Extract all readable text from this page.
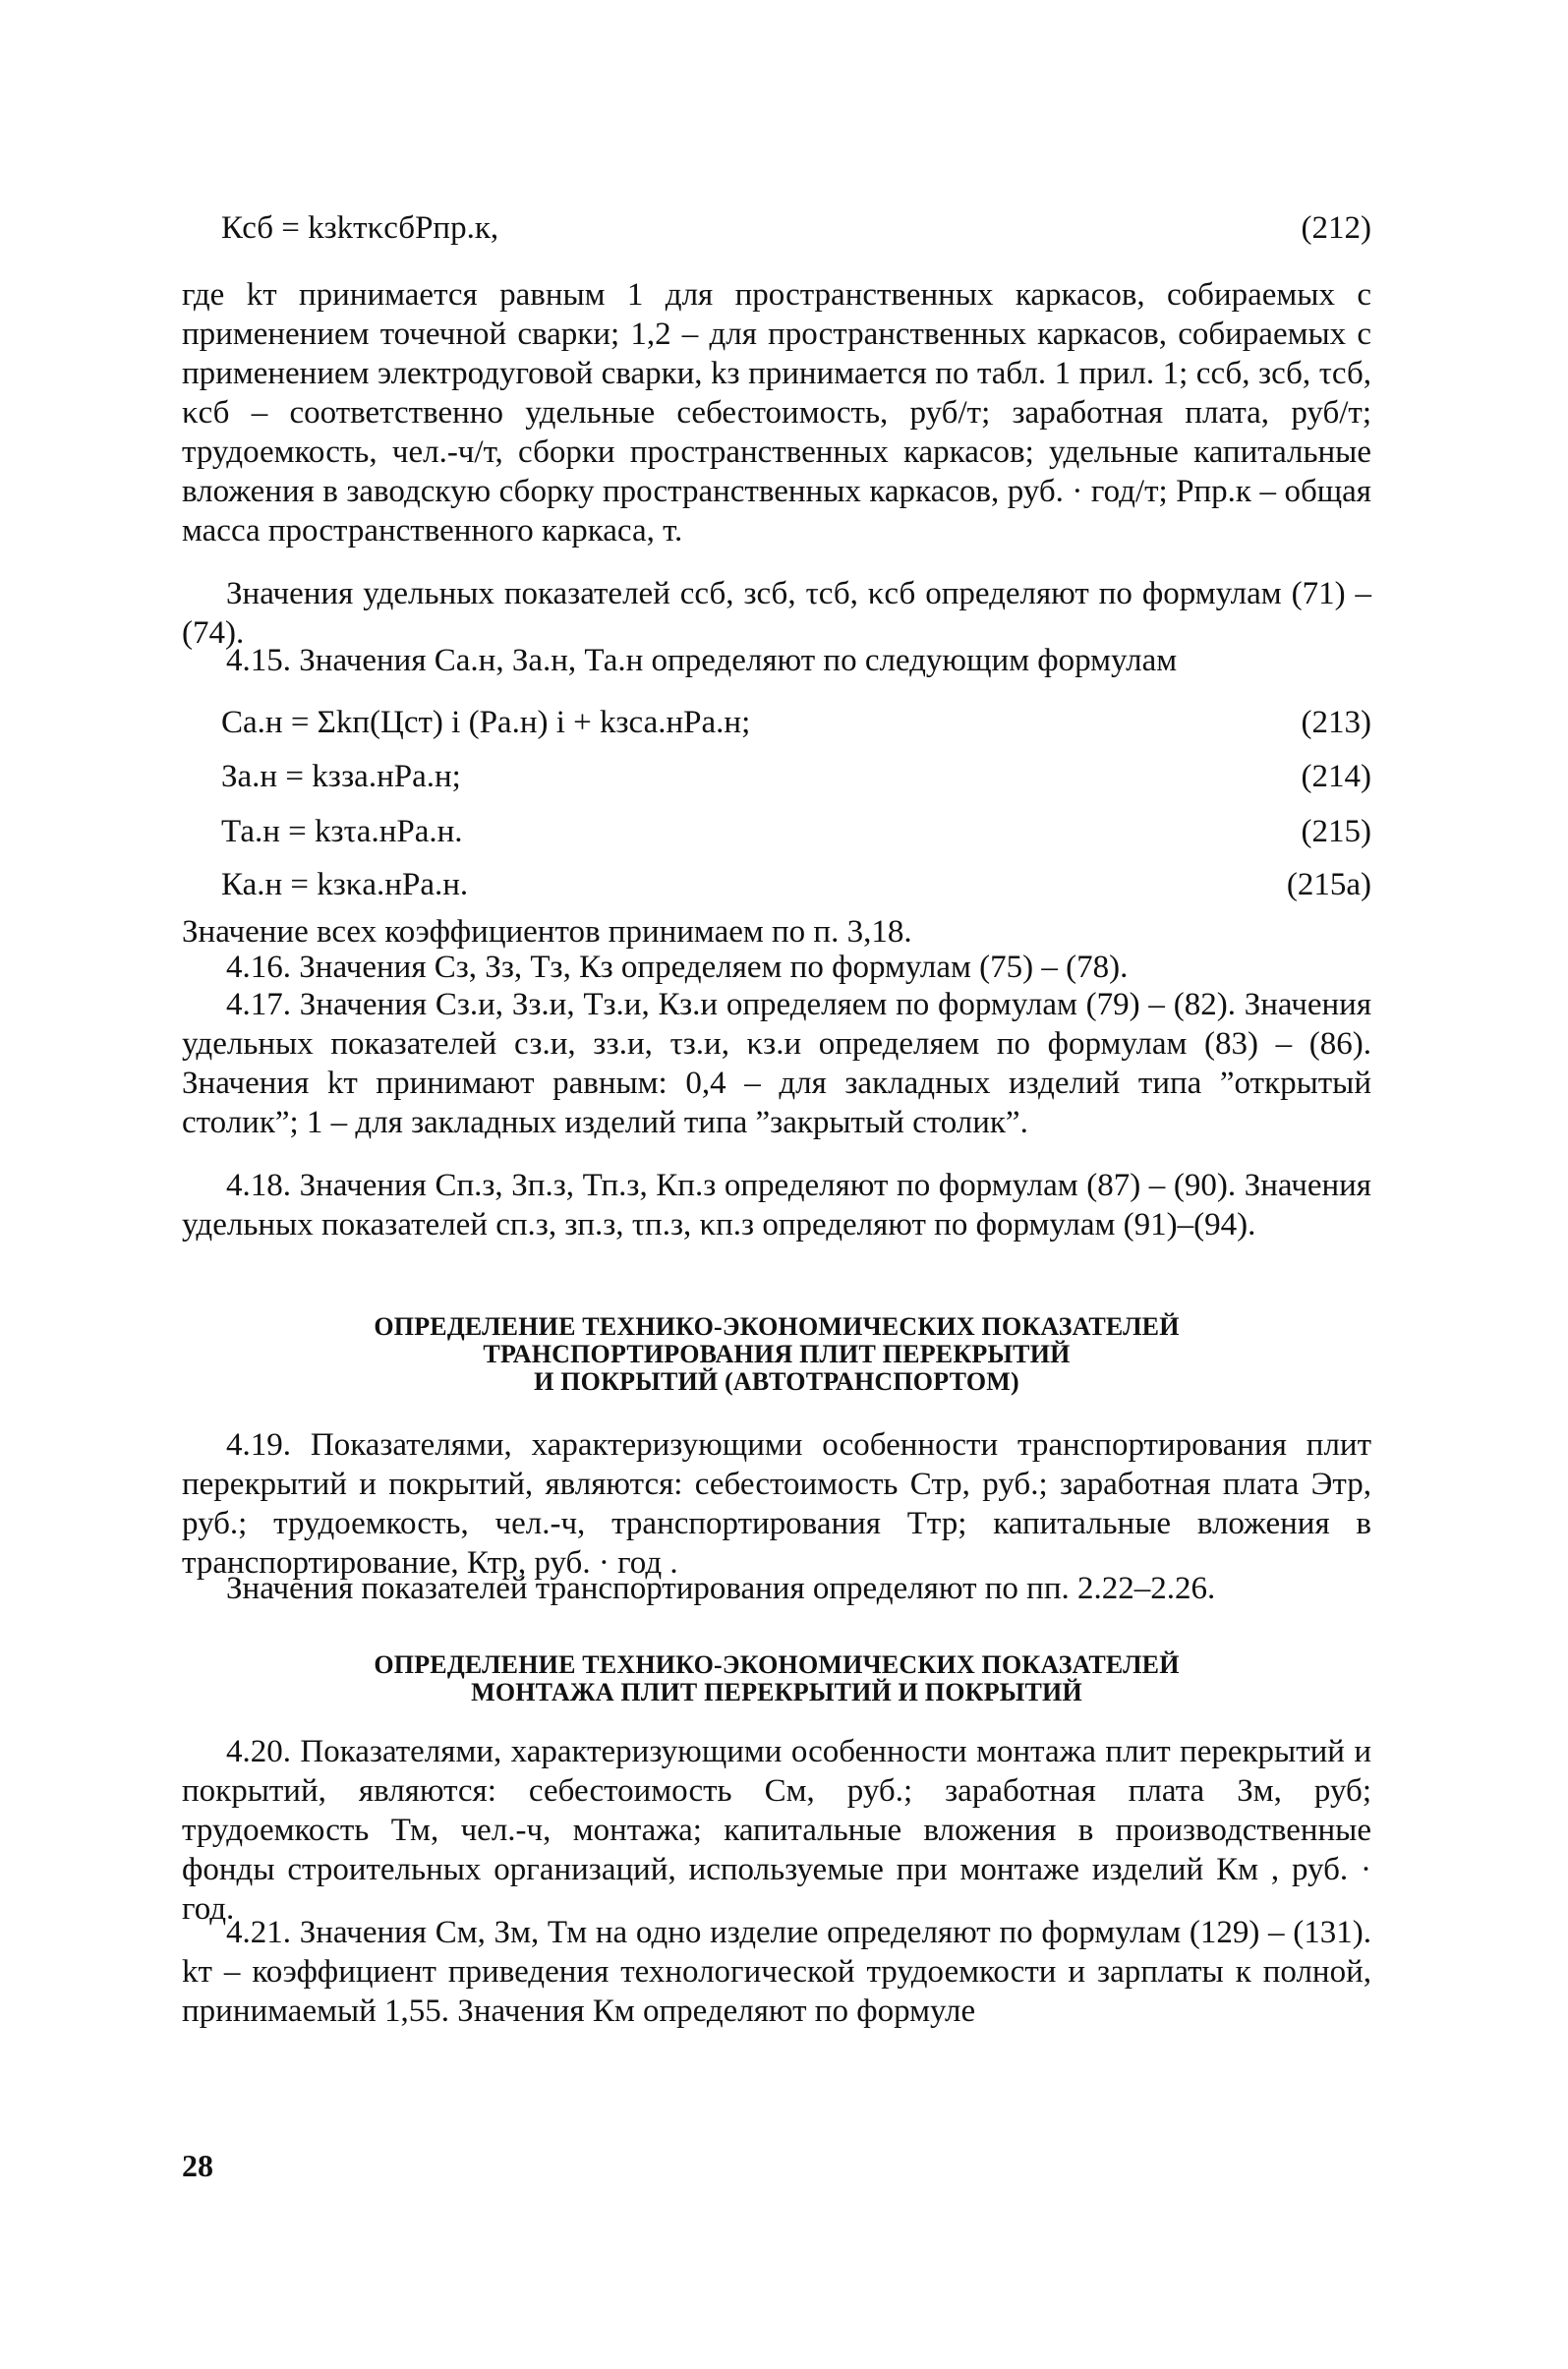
Ксб = kзkтκсбРпр.к,	(212)

где kт принимается равным 1 для пространственных каркасов, собираемых с применением точечной сварки; 1,2 – для пространственных каркасов, собираемых с применением электродуговой сварки, kз принимается по табл. 1 прил. 1; ссб, зсб, τсб, κсб – соответственно удельные себестоимость, руб/т; заработная плата, руб/т; трудоемкость, чел.-ч/т, сборки пространственных каркасов; удельные капитальные вложения в заводскую сборку пространственных каркасов, руб. · год/т; Рпр.к – общая масса пространственного каркаса, т.

Значения удельных показателей ссб, зсб, τсб, κсб определяют по формулам (71) – (74).

4.15. Значения Са.н, За.н, Та.н определяют по следующим формулам

Са.н = Σkп(Цст) i (Ра.н) i + kзса.нРа.н;	(213)
За.н = kззa.нРа.н;	(214)
Та.н = kзτа.нРа.н.	(215)
Ка.н = kзκа.нРа.н.	(215а)

Значение всех коэффициентов принимаем по п. 3,18.

4.16. Значения Сз, Зз, Тз, Кз определяем по формулам (75) – (78).

4.17. Значения Сз.и, Зз.и, Тз.и, Кз.и определяем по формулам (79) – (82). Значения удельных показателей сз.и, зз.и, τз.и, κз.и определяем по формулам (83) – (86). Значения kт принимают равным: 0,4 – для закладных изделий типа ”открытый столик”; 1 – для закладных изделий типа ”закрытый столик”.

4.18. Значения Сп.з, Зп.з, Тп.з, Кп.з определяют по формулам (87) – (90). Значения удельных показателей сп.з, зп.з, τп.з, κп.з определяют по формулам (91)–(94).

ОПРЕДЕЛЕНИЕ ТЕХНИКО-ЭКОНОМИЧЕСКИХ ПОКАЗАТЕЛЕЙ

ТРАНСПОРТИРОВАНИЯ ПЛИТ ПЕРЕКРЫТИЙ

И ПОКРЫТИЙ (АВТОТРАНСПОРТОМ)

4.19. Показателями, характеризующими особенности транспортирования плит перекрытий и покрытий, являются: себестоимость Стр, руб.; заработная плата Этр, руб.; трудоемкость, чел.-ч, транспортирования Ттр; капитальные вложения в транспортирование, Ктр, руб. · год .

Значения показателей транспортирования определяют по пп. 2.22–2.26.

ОПРЕДЕЛЕНИЕ ТЕХНИКО-ЭКОНОМИЧЕСКИХ ПОКАЗАТЕЛЕЙ

МОНТАЖА ПЛИТ ПЕРЕКРЫТИЙ И ПОКРЫТИЙ

4.20. Показателями, характеризующими особенности монтажа плит перекрытий и покрытий, являются: себестоимость См, руб.; заработная плата Зм, руб; трудоемкость Тм, чел.-ч, монтажа; капитальные вложения в производственные фонды строительных организаций, используемые при монтаже изделий Км , руб. · год.

4.21. Значения См, Зм, Тм на одно изделие определяют по формулам (129) – (131). kт – коэффициент приведения технологической трудоемкости и зарплаты к полной, принимаемый 1,55. Значения Км определяют по формуле

28
